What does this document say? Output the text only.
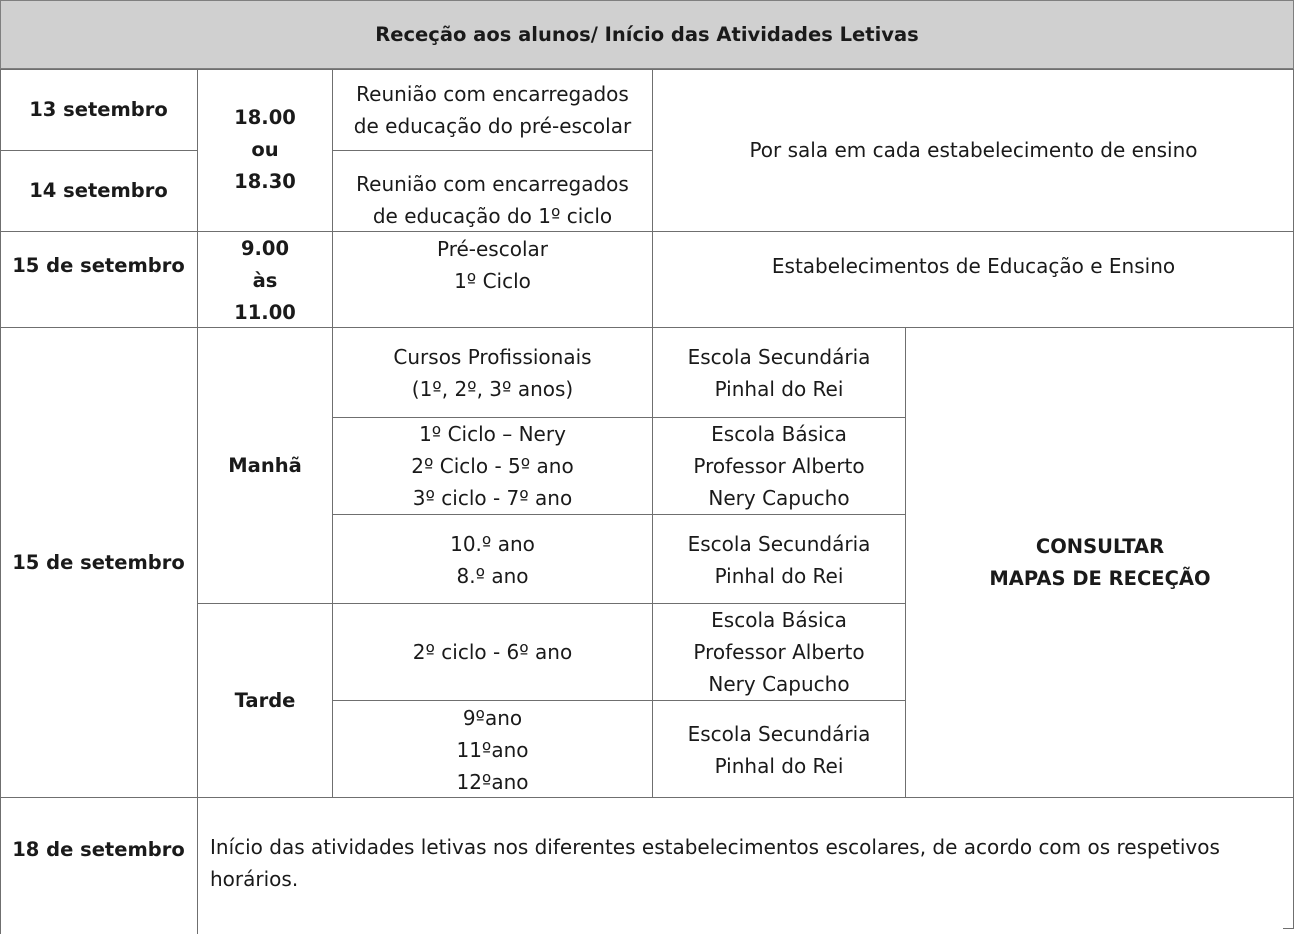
Receção aos alunos/ Início das Atividades Letivas
13 setembro
14 setembro
18.00
ou
18.30
Reunião com encarregados
de educação do pré-escolar
Reunião com encarregados
de educação do 1º ciclo
Por sala em cada estabelecimento de ensino
15 de setembro
9.00
às
11.00
Pré-escolar
1º Ciclo
Estabelecimentos de Educação e Ensino
15 de setembro
Manhã
Tarde
Cursos Profissionais
(1º, 2º, 3º anos)
Escola Secundária
Pinhal do Rei
1º Ciclo – Nery
2º Ciclo - 5º ano
3º ciclo - 7º ano
Escola Básica
Professor Alberto
Nery Capucho
10.º ano
8.º ano
Escola Secundária
Pinhal do Rei
2º ciclo - 6º ano
Escola Básica
Professor Alberto
Nery Capucho
9ºano
11ºano
12ºano
Escola Secundária
Pinhal do Rei
CONSULTAR
MAPAS DE RECEÇÃO
18 de setembro Início das atividades letivas nos diferentes estabelecimentos escolares, de acordo com os respetivos
horários.
